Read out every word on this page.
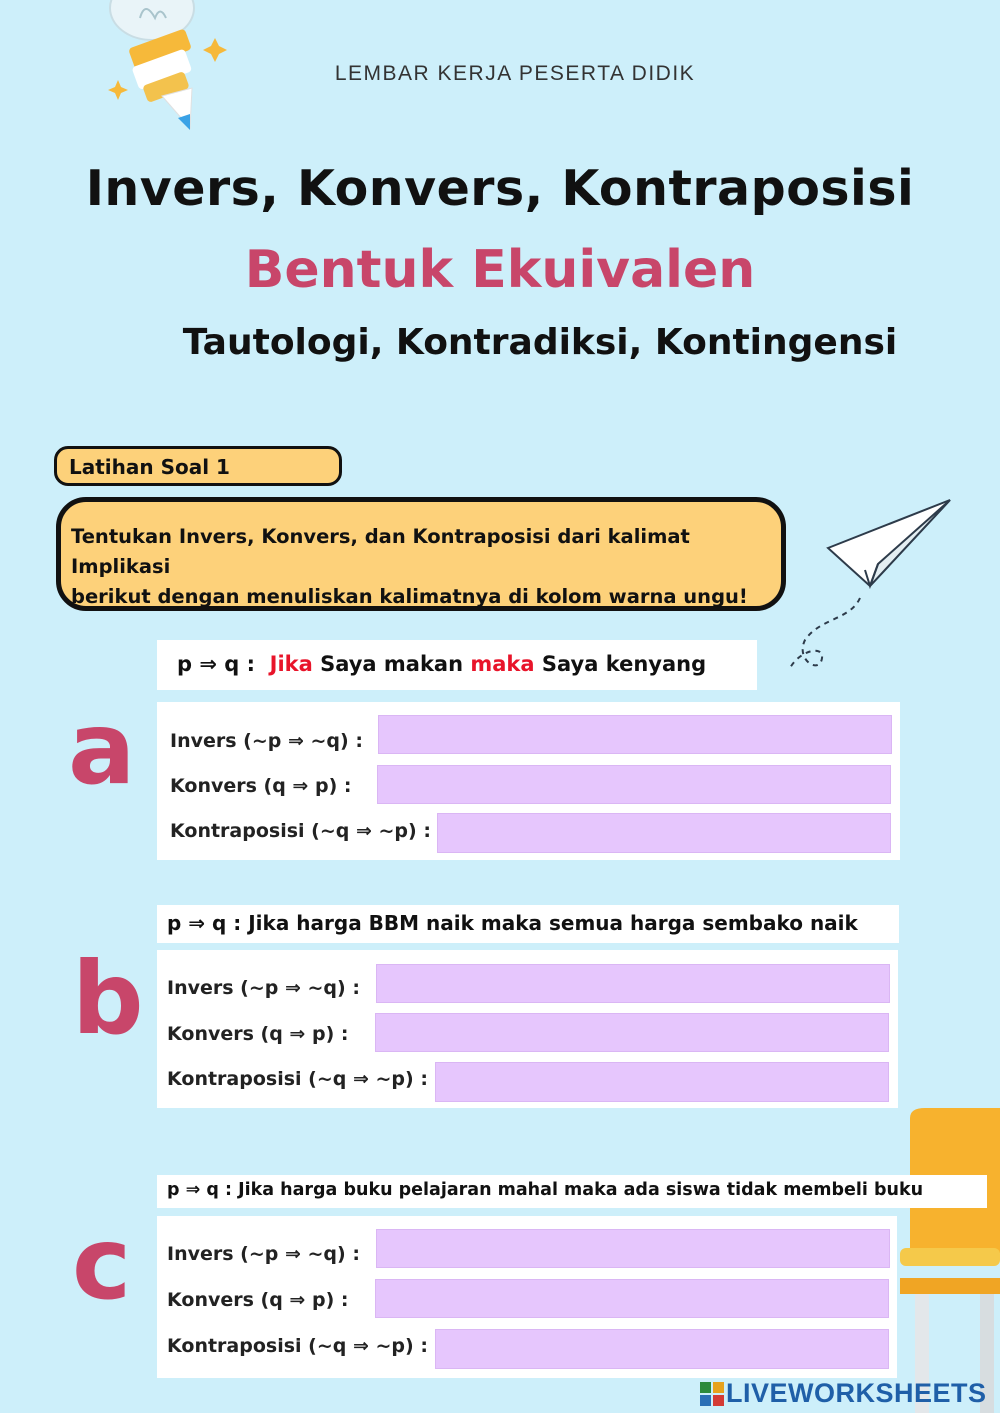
LEMBAR KERJA PESERTA DIDIK
Invers, Konvers, Kontraposisi
Bentuk Ekuivalen
Tautologi, Kontradiksi, Kontingensi
Latihan Soal 1
Tentukan Invers, Konvers, dan Kontraposisi dari kalimat Implikasi
berikut dengan menuliskan kalimatnya di kolom warna ungu!
a
p ⇒ q : Jika Saya makan maka Saya kenyang
Invers (~p ⇒ ~q) :
Konvers (q ⇒ p) :
Kontraposisi (~q ⇒ ~p) :
b
p ⇒ q : Jika harga BBM naik maka semua harga sembako naik
Invers (~p ⇒ ~q) :
Konvers (q ⇒ p) :
Kontraposisi (~q ⇒ ~p) :
c
p ⇒ q : Jika harga buku pelajaran mahal maka ada siswa tidak membeli buku
Invers (~p ⇒ ~q) :
Konvers (q ⇒ p) :
Kontraposisi (~q ⇒ ~p) :
LIVEWORKSHEETS
